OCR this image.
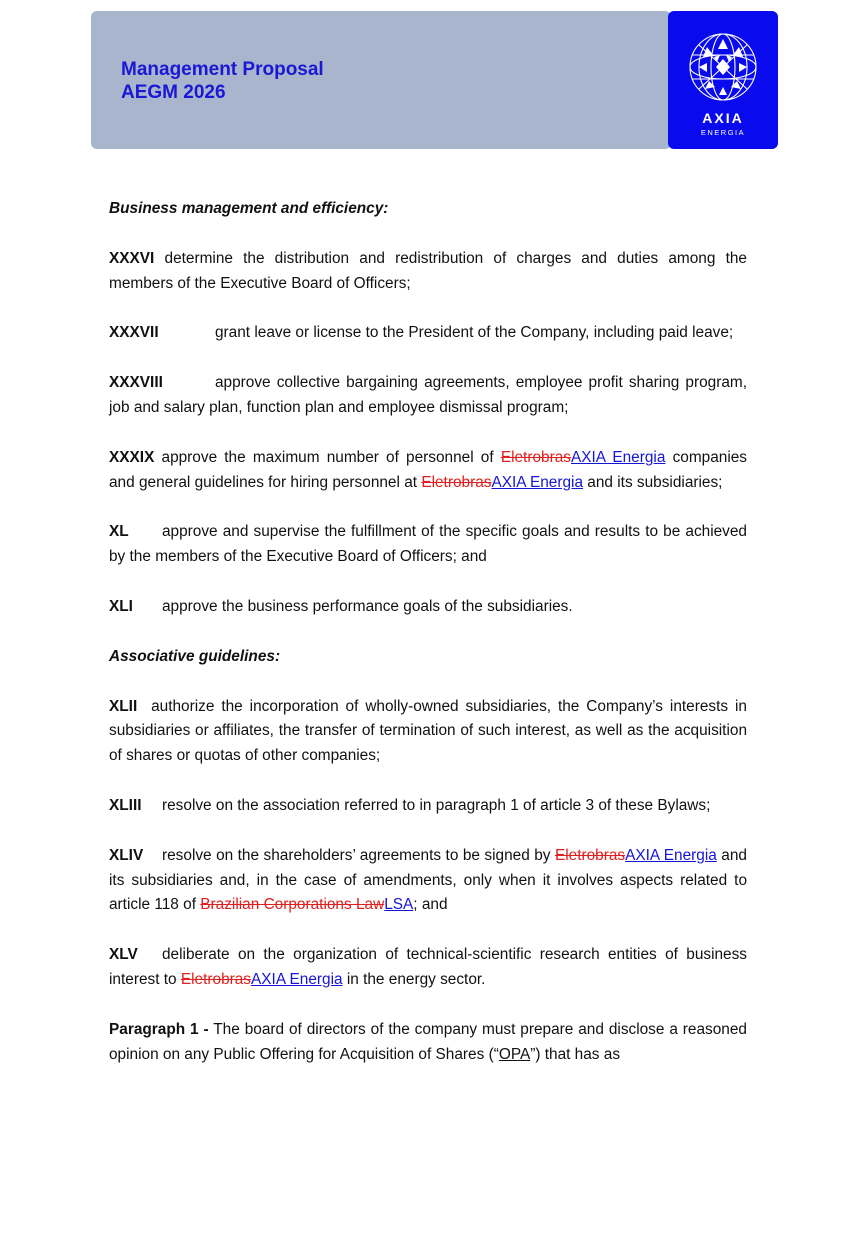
Management Proposal
AEGM 2026
AXIA
ENERGIA

Business management and efficiency:

XXXVI determine the distribution and redistribution of charges and duties among the members of the Executive Board of Officers;

XXXVII	grant leave or license to the President of the Company, including paid leave;

XXXVIII	approve collective bargaining agreements, employee profit sharing program, job and salary plan, function plan and employee dismissal program;

XXXIX approve the maximum number of personnel of EletrobrasAXIA Energia companies and general guidelines for hiring personnel at EletrobrasAXIA Energia and its subsidiaries;

XL approve and supervise the fulfillment of the specific goals and results to be achieved by the members of the Executive Board of Officers; and

XLI approve the business performance goals of the subsidiaries.

Associative guidelines:

XLII  authorize the incorporation of wholly-owned subsidiaries, the Company’s interests in subsidiaries or affiliates, the transfer of termination of such interest, as well as the acquisition of shares or quotas of other companies;

XLIII resolve on the association referred to in paragraph 1 of article 3 of these Bylaws;

XLIV resolve on the shareholders’ agreements to be signed by EletrobrasAXIA Energia and its subsidiaries and, in the case of amendments, only when it involves aspects related to article 118 of Brazilian Corporations LawLSA; and

XLV deliberate on the organization of technical-scientific research entities of business interest to EletrobrasAXIA Energia in the energy sector.

Paragraph 1 - The board of directors of the company must prepare and disclose a reasoned opinion on any Public Offering for Acquisition of Shares (“OPA”) that has as
